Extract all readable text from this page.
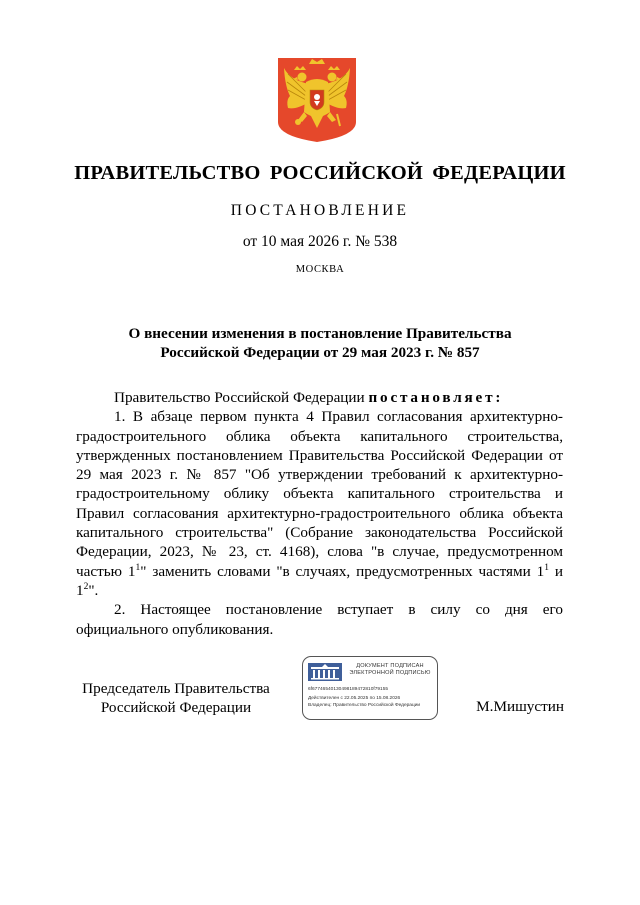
ПРАВИТЕЛЬСТВО РОССИЙСКОЙ ФЕДЕРАЦИИ
ПОСТАНОВЛЕНИЕ
от 10 мая 2026 г. № 538
МОСКВА
О внесении изменения в постановление Правительства
Российской Федерации от 29 мая 2023 г. № 857

Правительство Российской Федерации постановляет:

1. В абзаце первом пункта 4 Правил согласования архитектурно-градостроительного облика объекта капитального строительства, утвержденных постановлением Правительства Российской Федерации от 29 мая 2023 г. № 857 "Об утверждении требований к архитектурно-градостроительному облику объекта капитального строительства и Правил согласования архитектурно-градостроительного облика объекта капитального строительства" (Собрание законодательства Российской Федерации, 2023, № 23, ст. 4168), слова "в случае, предусмотренном частью $1^1$" заменить словами "в случаях, предусмотренных частями $1^1$ и $1^2$".

2. Настоящее постановление вступает в силу со дня его официального опубликования.

Председатель Правительства
Российской Федерации
ДОКУМЕНТ ПОДПИСАН
ЭЛЕКТРОННОЙ ПОДПИСЬЮ
6f67746540130498189472810f79155
Действителен с 22.05.2025 по 15.08.2026
Владелец: Правительство Российской Федерации	М.Мишустин
